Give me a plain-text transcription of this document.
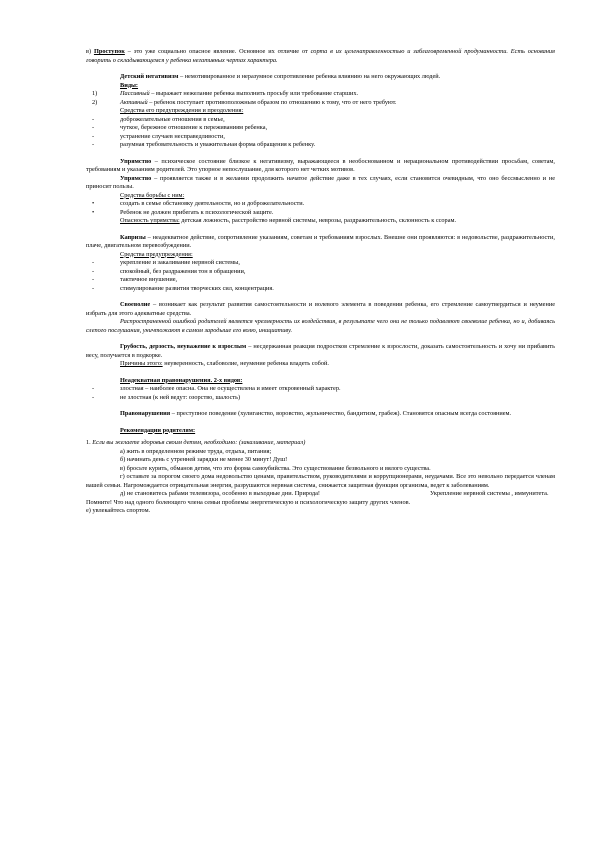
в) Проступок – это уже социально опасное явление. Основное их отличие от сорта в их целенаправленностью и заблаговременной продуманности. Есть основания говорить о складывающемся у ребенка негативных чертах характера.

Детский негативизм – немотивированное и неразумное сопротивление ребенка влиянию на него окружающих людей.

Виды:

1)	Пассивный – выражает нежелание ребенка выполнить просьбу или требование старших.
2)	Активный – ребенок поступает противоположным образом по отношению к тому, что от него требуют.

Средства его предупреждения и преодоления:

-	доброжелательные отношения в семье,
-	чуткое, бережное отношение к переживаниям ребенка,
-	устранение случаев несправедливости,
-	разумная требовательность и уважительная форма обращения к ребенку.

Упрямство – психическое состояние близкое к негативизму, выражающееся в необоснованном и нерациональном противодействии просьбам, советам, требованиям и указаниям родителей. Это упорное непослушание, для которого нет четких мотивов.

Упрямство – проявляется также и в желании продолжить начатое действие даже в тех случаях, если становится очевидным, что оно бессмысленно и не приносит пользы.

Средства борьбы с ним:

•	создать в семье обстановку деятельности, но и доброжелательности.
•	Ребенок не должен прибегать к психологической защите.

Опасность упрямства: детская ложность, расстройство нервной системы, неврозы, раздражительность, склонность к ссорам.

Капризы – неадекватное действие, сопротивление указаниям, советам и требованиям взрослых. Внешне они проявляются: в недовольстве, раздражительности, плаче, двигательном перевозбуждении.

Средства предупреждения:

-	укрепление и закаливание нервной системы,
-	спокойный, без раздражения тон в обращении,
-	тактичное внушение,
-	стимулирование развития творческих сил, концентрация.

Своеволие – возникает как результат развития самостоятельности и волевого элемента в поведении ребенка, его стремление самоутвердиться и неумение избрать для этого адекватные средства.

Распространенной ошибкой родителей является чрезмерность их воздействия, в результате чего они не только подавляют своеволие ребенка, но и, добиваясь слепого послушания, уничтожают в самом зародыше его волю, инициативу.

Грубость, дерзость, неуважение к взрослым – несдержанная реакция подростков стремление к взрослости, доказать самостоятельность и хочу ни прибавить весу, получается в подкорке.

Причины этого: неуверенность, слабоволие, неумение ребенка владеть собой.

Неадекватная правонарушения. 2-х видов:

-	злостная – наиболее опасна. Она не осуществлена и имеет откровенный характер.
-	не злостная (к ней ведут: озорство, шалость)

Правонарушения – преступное поведение (хулиганство, воровство, жульничество, бандитизм, грабеж). Становятся опасным всегда состоянием.

Рекомендации родителям:

1. Если вы желаете здоровья своим детям, необходимо: (закаливание, материал)

а) жить в определенном режиме труда, отдыха, питания;

б) начинать день с утренней зарядки не менее 30 минут! Душ!

в) бросьте курить, обманов детям, что это форма самоубийства. Это существование безвольного и вялого существа.

г) оставьте за порогом своего дома недовольство ценами, правительством, руководителями и коррупционерами, неудачами. Все это невольно передается членам вашей семьи. Нагромождается отрицательная энергия, разрушаются нервная система, снижается защитная функция организма, ведет к заболеваниям.

д) не становитесь рабами телевизора, особенно в выходные дни. Природа!	Укрепление нервной системы , иммунитета.

Помните! Что над одного болеющего члена семьи проблемы энергетическую и психологическую защиту других членов.

е) увлекайтесь спортом.
